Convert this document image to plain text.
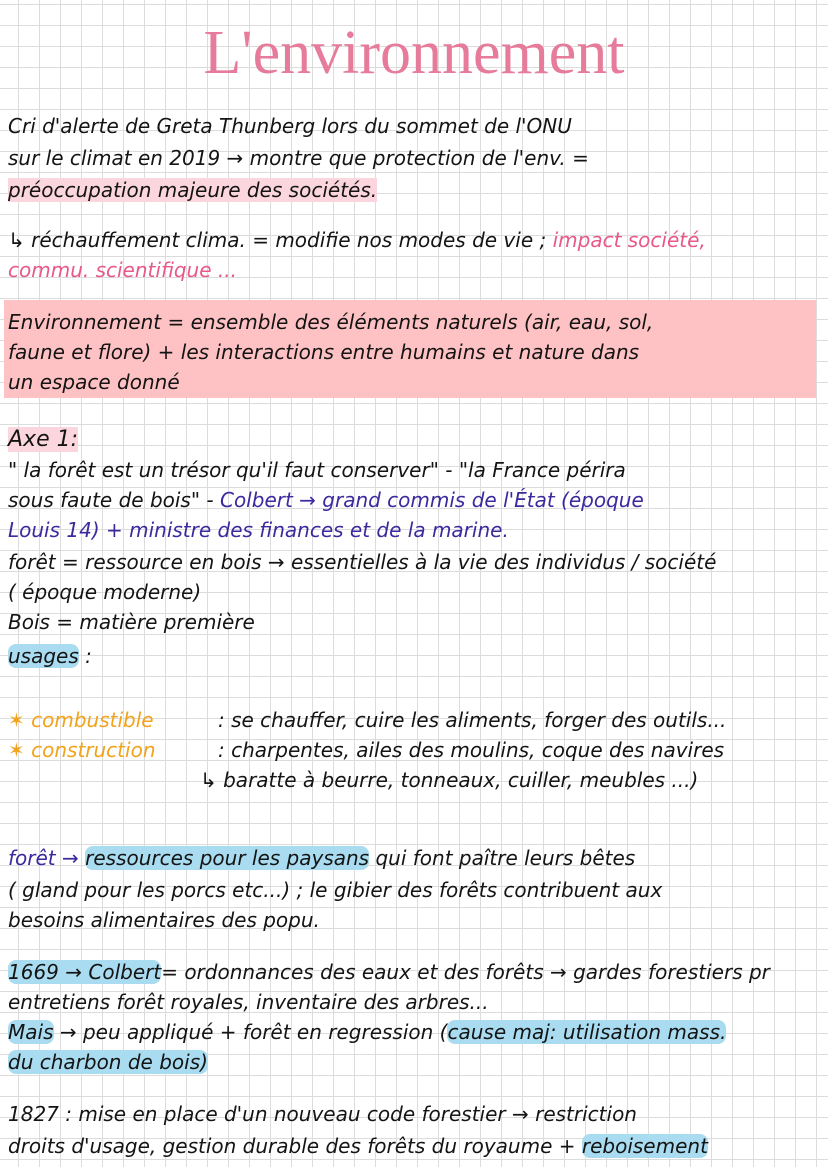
L'environnement
Cri d'alerte de Greta Thunberg lors du sommet de l'ONU
sur le climat en 2019 → montre que protection de l'env. =
préoccupation majeure des sociétés.
↳ réchauffement clima. = modifie nos modes de vie ; impact société,
commu. scientifique ...
Environnement = ensemble des éléments naturels (air, eau, sol,
faune et flore) + les interactions entre humains et nature dans
un espace donné
Axe 1:
" la forêt est un trésor qu'il faut conserver" - "la France périra
sous faute de bois" - Colbert → grand commis de l'État (époque
Louis 14) + ministre des finances et de la marine.
forêt = ressource en bois → essentielles à la vie des individus / société
( époque moderne)
Bois = matière première
usages :
✶ combustible	: se chauffer, cuire les aliments, forger des outils...
✶ construction	: charpentes, ailes des moulins, coque des navires
↳ baratte à beurre, tonneaux, cuiller, meubles ...)
forêt → ressources pour les paysans qui font paître leurs bêtes
( gland pour les porcs etc...) ; le gibier des forêts contribuent aux
besoins alimentaires des popu.
1669 → Colbert= ordonnances des eaux et des forêts → gardes forestiers pr
entretiens forêt royales, inventaire des arbres...
Mais → peu appliqué + forêt en regression (cause maj: utilisation mass.
du charbon de bois)
1827 : mise en place d'un nouveau code forestier → restriction
droits d'usage, gestion durable des forêts du royaume + reboisement
